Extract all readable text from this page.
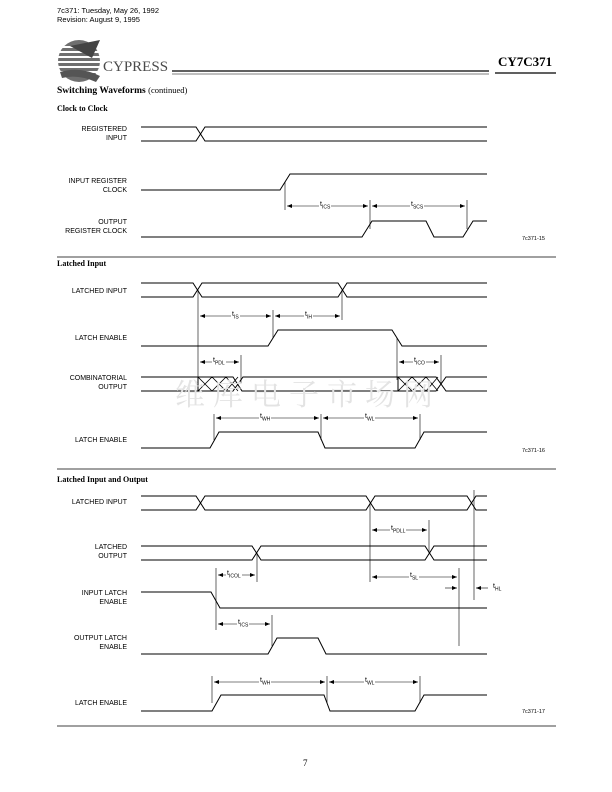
7c371: Tuesday, May 26, 1992
Revision: August 9, 1995
CYPRESS	CY7C371
Switching Waveforms (continued)
维库电子市场网
Clock to Clock
REGISTERED
INPUT
INPUT REGISTER
CLOCK
OUTPUT
REGISTER CLOCK
$t_{ICS}$	$t_{SCS}$
7c371-15
Latched Input
LATCHED INPUT
LATCH ENABLE
COMBINATORIAL
OUTPUT
LATCH ENABLE
$t_{IS}$	$t_{IH}$
$t_{PDL}$	$t_{ICO}$
$t_{WH}$	$t_{WL}$
7c371-16
Latched Input and Output
LATCHED INPUT
LATCHED
OUTPUT
INPUT LATCH
ENABLE
OUTPUT LATCH
ENABLE
LATCH ENABLE
$t_{PDLL}$
$t_{ICOL}$	$t_{SL}$
$t_{HL}$
$t_{ICS}$
$t_{WH}$	$t_{WL}$
7c371-17
7
